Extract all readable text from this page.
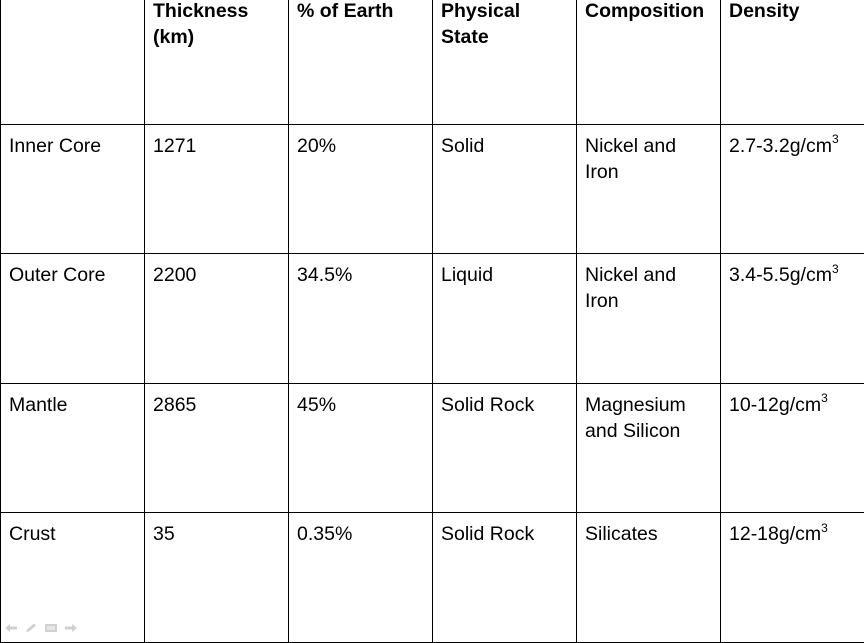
	Thickness (km)	% of Earth	Physical State	Composition	Density
Inner Core	1271	20%	Solid	Nickel and Iron	$2.7-3.2g/cm^3$
Outer Core	2200	34.5%	Liquid	Nickel and Iron	$3.4-5.5g/cm^3$
Mantle	2865	45%	Solid Rock	Magnesium and Silicon	$10-12g/cm^3$
Crust	35	0.35%	Solid Rock	Silicates	$12-18g/cm^3$
